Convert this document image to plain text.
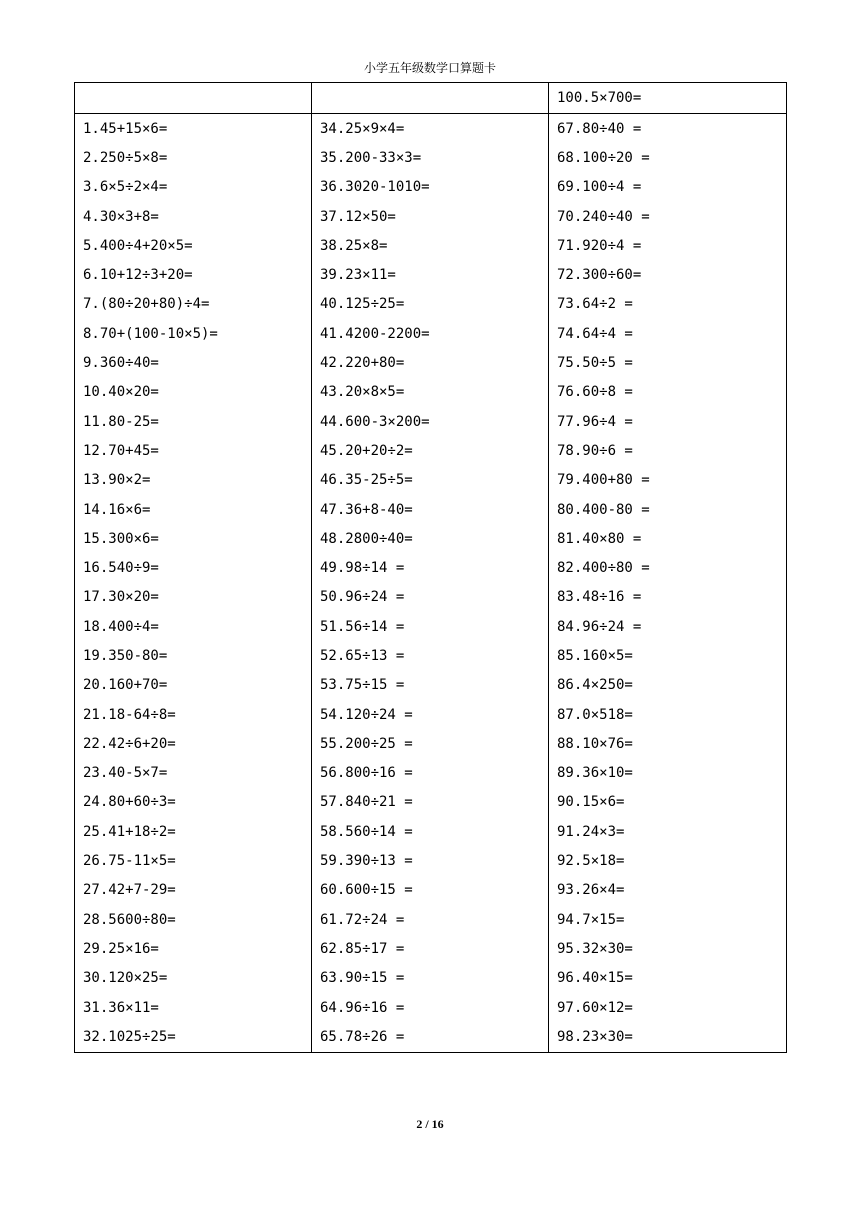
小学五年级数学口算题卡
		100.5×700=
1.45+15×6=	34.25×9×4=	67.80÷40 =
2.250÷5×8=	35.200-33×3=	68.100÷20 =
3.6×5÷2×4=	36.3020-1010=	69.100÷4 =
4.30×3+8=	37.12×50=	70.240÷40 =
5.400÷4+20×5=	38.25×8=	71.920÷4 =
6.10+12÷3+20=	39.23×11=	72.300÷60=
7.(80÷20+80)÷4=	40.125÷25=	73.64÷2 =
8.70+(100-10×5)=	41.4200-2200=	74.64÷4 =
9.360÷40=	42.220+80=	75.50÷5 =
10.40×20=	43.20×8×5=	76.60÷8 =
11.80-25=	44.600-3×200=	77.96÷4 =
12.70+45=	45.20+20÷2=	78.90÷6 =
13.90×2=	46.35-25÷5=	79.400+80 =
14.16×6=	47.36+8-40=	80.400-80 =
15.300×6=	48.2800÷40=	81.40×80 =
16.540÷9=	49.98÷14 =	82.400÷80 =
17.30×20=	50.96÷24 =	83.48÷16 =
18.400÷4=	51.56÷14 =	84.96÷24 =
19.350-80=	52.65÷13 =	85.160×5=
20.160+70=	53.75÷15 =	86.4×250=
21.18-64÷8=	54.120÷24 =	87.0×518=
22.42÷6+20=	55.200÷25 =	88.10×76=
23.40-5×7=	56.800÷16 =	89.36×10=
24.80+60÷3=	57.840÷21 =	90.15×6=
25.41+18÷2=	58.560÷14 =	91.24×3=
26.75-11×5=	59.390÷13 =	92.5×18=
27.42+7-29=	60.600÷15 =	93.26×4=
28.5600÷80=	61.72÷24 =	94.7×15=
29.25×16=	62.85÷17 =	95.32×30=
30.120×25=	63.90÷15 =	96.40×15=
31.36×11=	64.96÷16 =	97.60×12=
32.1025÷25=	65.78÷26 =	98.23×30=
2 / 16
